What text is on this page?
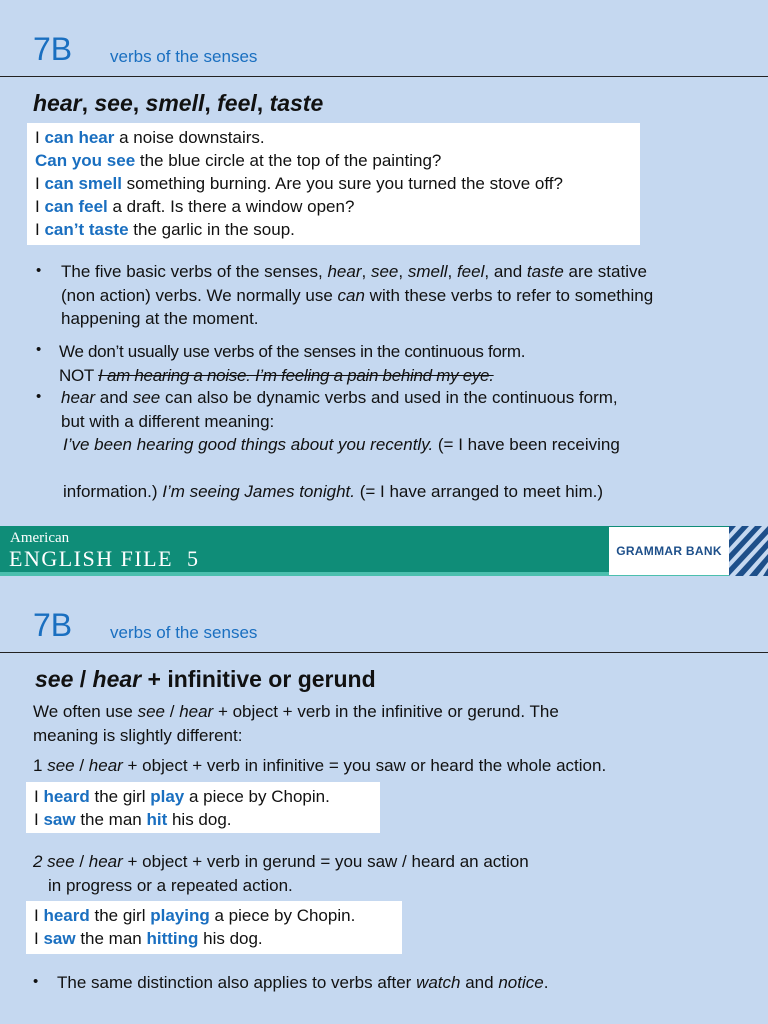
7B verbs of the senses
hear, see, smell, feel, taste
I can hear a noise downstairs.
Can you see the blue circle at the top of the painting?
I can smell something burning. Are you sure you turned the stove off?
I can feel a draft. Is there a window open?
I can’t taste the garlic in the soup.
• The five basic verbs of the senses, hear, see, smell, feel, and taste are stative
(non action) verbs. We normally use can with these verbs to refer to something
happening at the moment.
• We don’t usually use verbs of the senses in the continuous form.
NOT I am hearing a noise. I’m feeling a pain behind my eye.
• hear and see can also be dynamic verbs and used in the continuous form,
but with a different meaning:
I’ve been hearing good things about you recently. (= I have been receiving
information.) I’m seeing James tonight. (= I have arranged to meet him.)
American
ENGLISH FILE  5	GRAMMAR BANK
7B verbs of the senses
see / hear + infinitive or gerund
We often use see / hear + object + verb in the infinitive or gerund. The
meaning is slightly different:
1 see / hear + object + verb in infinitive = you saw or heard the whole action.
I heard the girl play a piece by Chopin.
I saw the man hit his dog.
2 see / hear + object + verb in gerund = you saw / heard an action
in progress or a repeated action.
I heard the girl playing a piece by Chopin.
I saw the man hitting his dog.
• The same distinction also applies to verbs after watch and notice.
